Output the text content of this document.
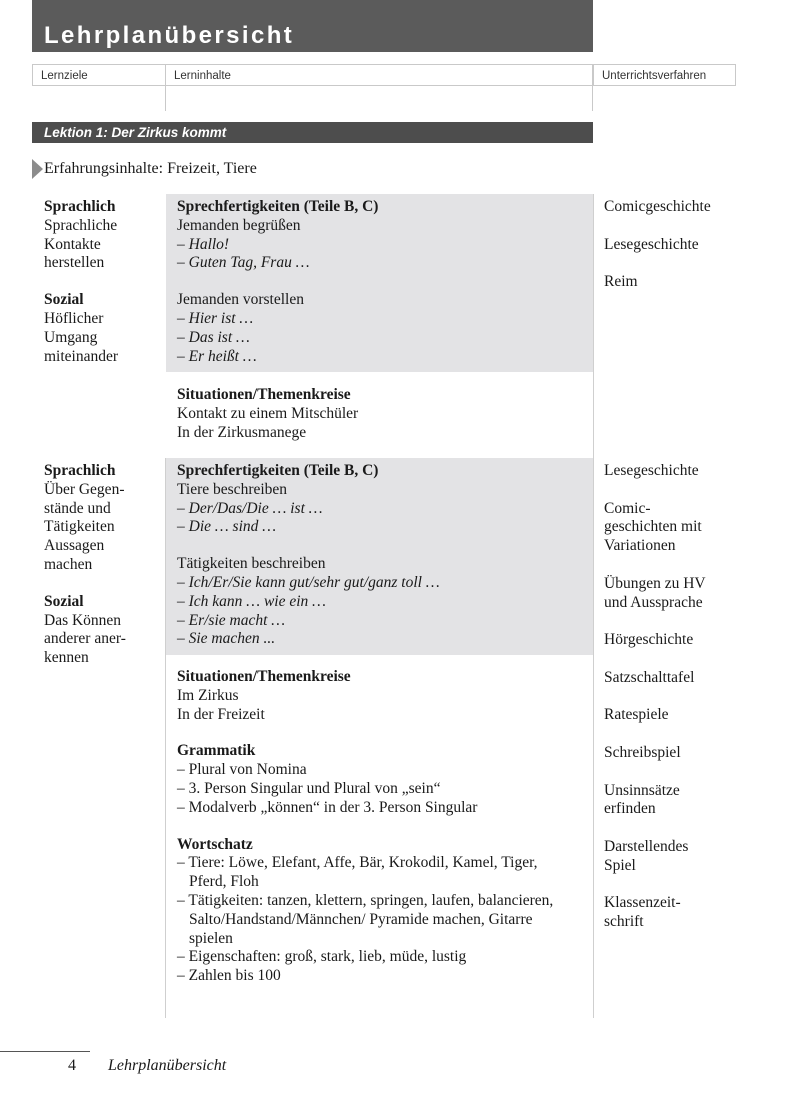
Lehrplanübersicht
Lernziele	Lerninhalte	Unterrichtsverfahren
Lektion 1: Der Zirkus kommt
Erfahrungsinhalte: Freizeit, Tiere
Sprachlich
Sprachliche
Kontakte
herstellen
Sozial
Höflicher
Umgang
miteinander
Sprechfertigkeiten (Teile B, C)
Jemanden begrüßen
– Hallo!
– Guten Tag, Frau …
Jemanden vorstellen
– Hier ist …
– Das ist …
– Er heißt …
Situationen/Themenkreise
Kontakt zu einem Mitschüler
In der Zirkusmanege
Comicgeschichte
Lesegeschichte
Reim
Sprachlich
Über Gegen-
stände und
Tätigkeiten
Aussagen
machen
Sozial
Das Können
anderer aner-
kennen
Sprechfertigkeiten (Teile B, C)
Tiere beschreiben
– Der/Das/Die … ist …
– Die … sind …
Tätigkeiten beschreiben
– Ich/Er/Sie kann gut/sehr gut/ganz toll …
– Ich kann … wie ein …
– Er/sie macht …
– Sie machen ...
Situationen/Themenkreise
Im Zirkus
In der Freizeit
Grammatik
– Plural von Nomina
– 3. Person Singular und Plural von „sein“
– Modalverb „können“ in der 3. Person Singular
Wortschatz
– Tiere: Löwe, Elefant, Affe, Bär, Krokodil, Kamel, Tiger, Pferd, Floh
– Tätigkeiten: tanzen, klettern, springen, laufen, balancieren, Salto/Handstand/Männchen/ Pyramide machen, Gitarre spielen
– Eigenschaften: groß, stark, lieb, müde, lustig
– Zahlen bis 100
Lesegeschichte
Comic-
geschichten mit
Variationen
Übungen zu HV
und Aussprache
Hörgeschichte
Satzschalttafel
Ratespiele
Schreibspiel
Unsinnsätze
erfinden
Darstellendes
Spiel
Klassenzeit-
schrift
4 Lehrplanübersicht
